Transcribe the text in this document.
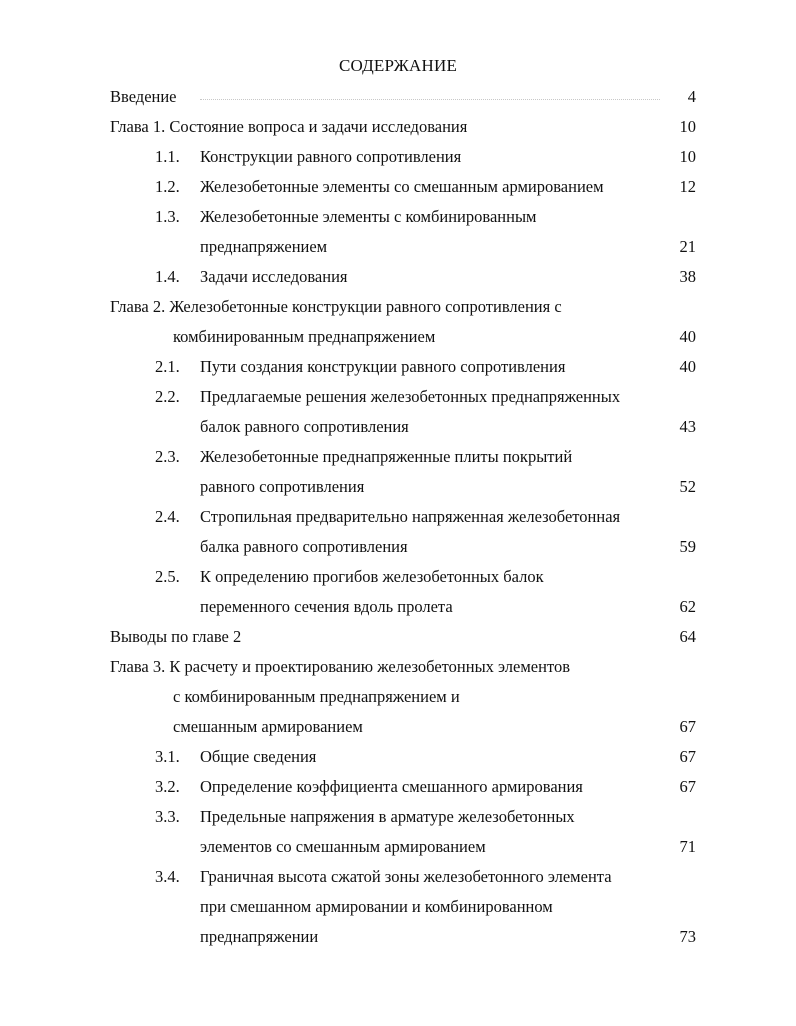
СОДЕРЖАНИЕ
Введение	4
Глава 1. Состояние вопроса и задачи исследования	10
1.1. Конструкции равного сопротивления	10
1.2. Железобетонные элементы со смешанным армированием	12
1.3. Железобетонные элементы с комбинированным
преднапряжением	21
1.4. Задачи исследования	38
Глава 2. Железобетонные конструкции равного сопротивления с
комбинированным преднапряжением	40
2.1. Пути создания конструкции равного сопротивления	40
2.2. Предлагаемые решения железобетонных преднапряженных
балок равного сопротивления	43
2.3. Железобетонные преднапряженные плиты покрытий
равного сопротивления	52
2.4. Стропильная предварительно напряженная железобетонная
балка равного сопротивления	59
2.5. К определению прогибов железобетонных балок
переменного сечения вдоль пролета	62
Выводы по главе 2	64
Глава 3. К расчету и проектированию железобетонных элементов
с комбинированным преднапряжением и
смешанным армированием	67
3.1. Общие сведения	67
3.2. Определение коэффициента смешанного армирования	67
3.3. Предельные напряжения в арматуре железобетонных
элементов со смешанным армированием	71
3.4. Граничная высота сжатой зоны железобетонного элемента
при смешанном армировании и комбинированном
преднапряжении	73
